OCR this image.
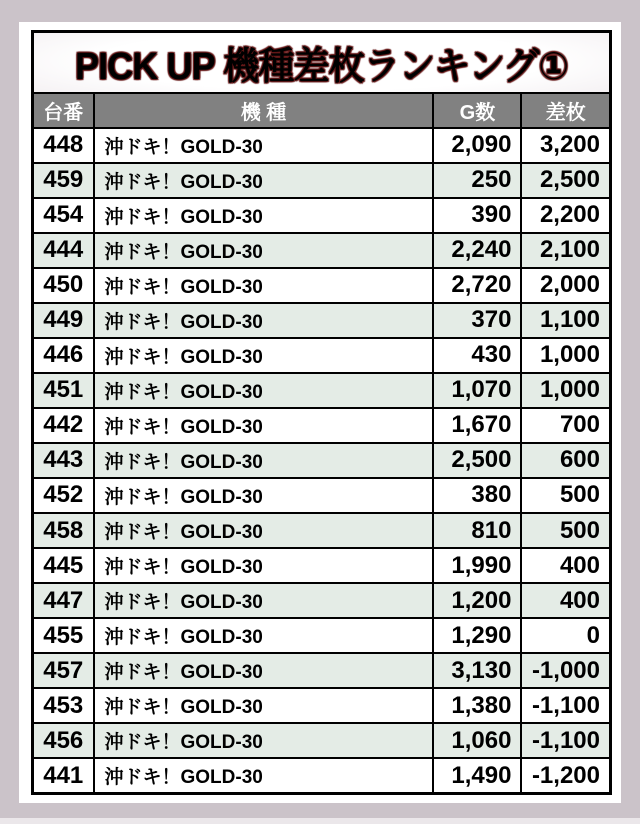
PICK UP 機種差枚ランキング①			
台番	機 種	G数	差枚
448	沖ドキ！GOLD-30	2,090	3,200
459	沖ドキ！GOLD-30	250	2,500
454	沖ドキ！GOLD-30	390	2,200
444	沖ドキ！GOLD-30	2,240	2,100
450	沖ドキ！GOLD-30	2,720	2,000
449	沖ドキ！GOLD-30	370	1,100
446	沖ドキ！GOLD-30	430	1,000
451	沖ドキ！GOLD-30	1,070	1,000
442	沖ドキ！GOLD-30	1,670	700
443	沖ドキ！GOLD-30	2,500	600
452	沖ドキ！GOLD-30	380	500
458	沖ドキ！GOLD-30	810	500
445	沖ドキ！GOLD-30	1,990	400
447	沖ドキ！GOLD-30	1,200	400
455	沖ドキ！GOLD-30	1,290	0
457	沖ドキ！GOLD-30	3,130	-1,000
453	沖ドキ！GOLD-30	1,380	-1,100
456	沖ドキ！GOLD-30	1,060	-1,100
441	沖ドキ！GOLD-30	1,490	-1,200
